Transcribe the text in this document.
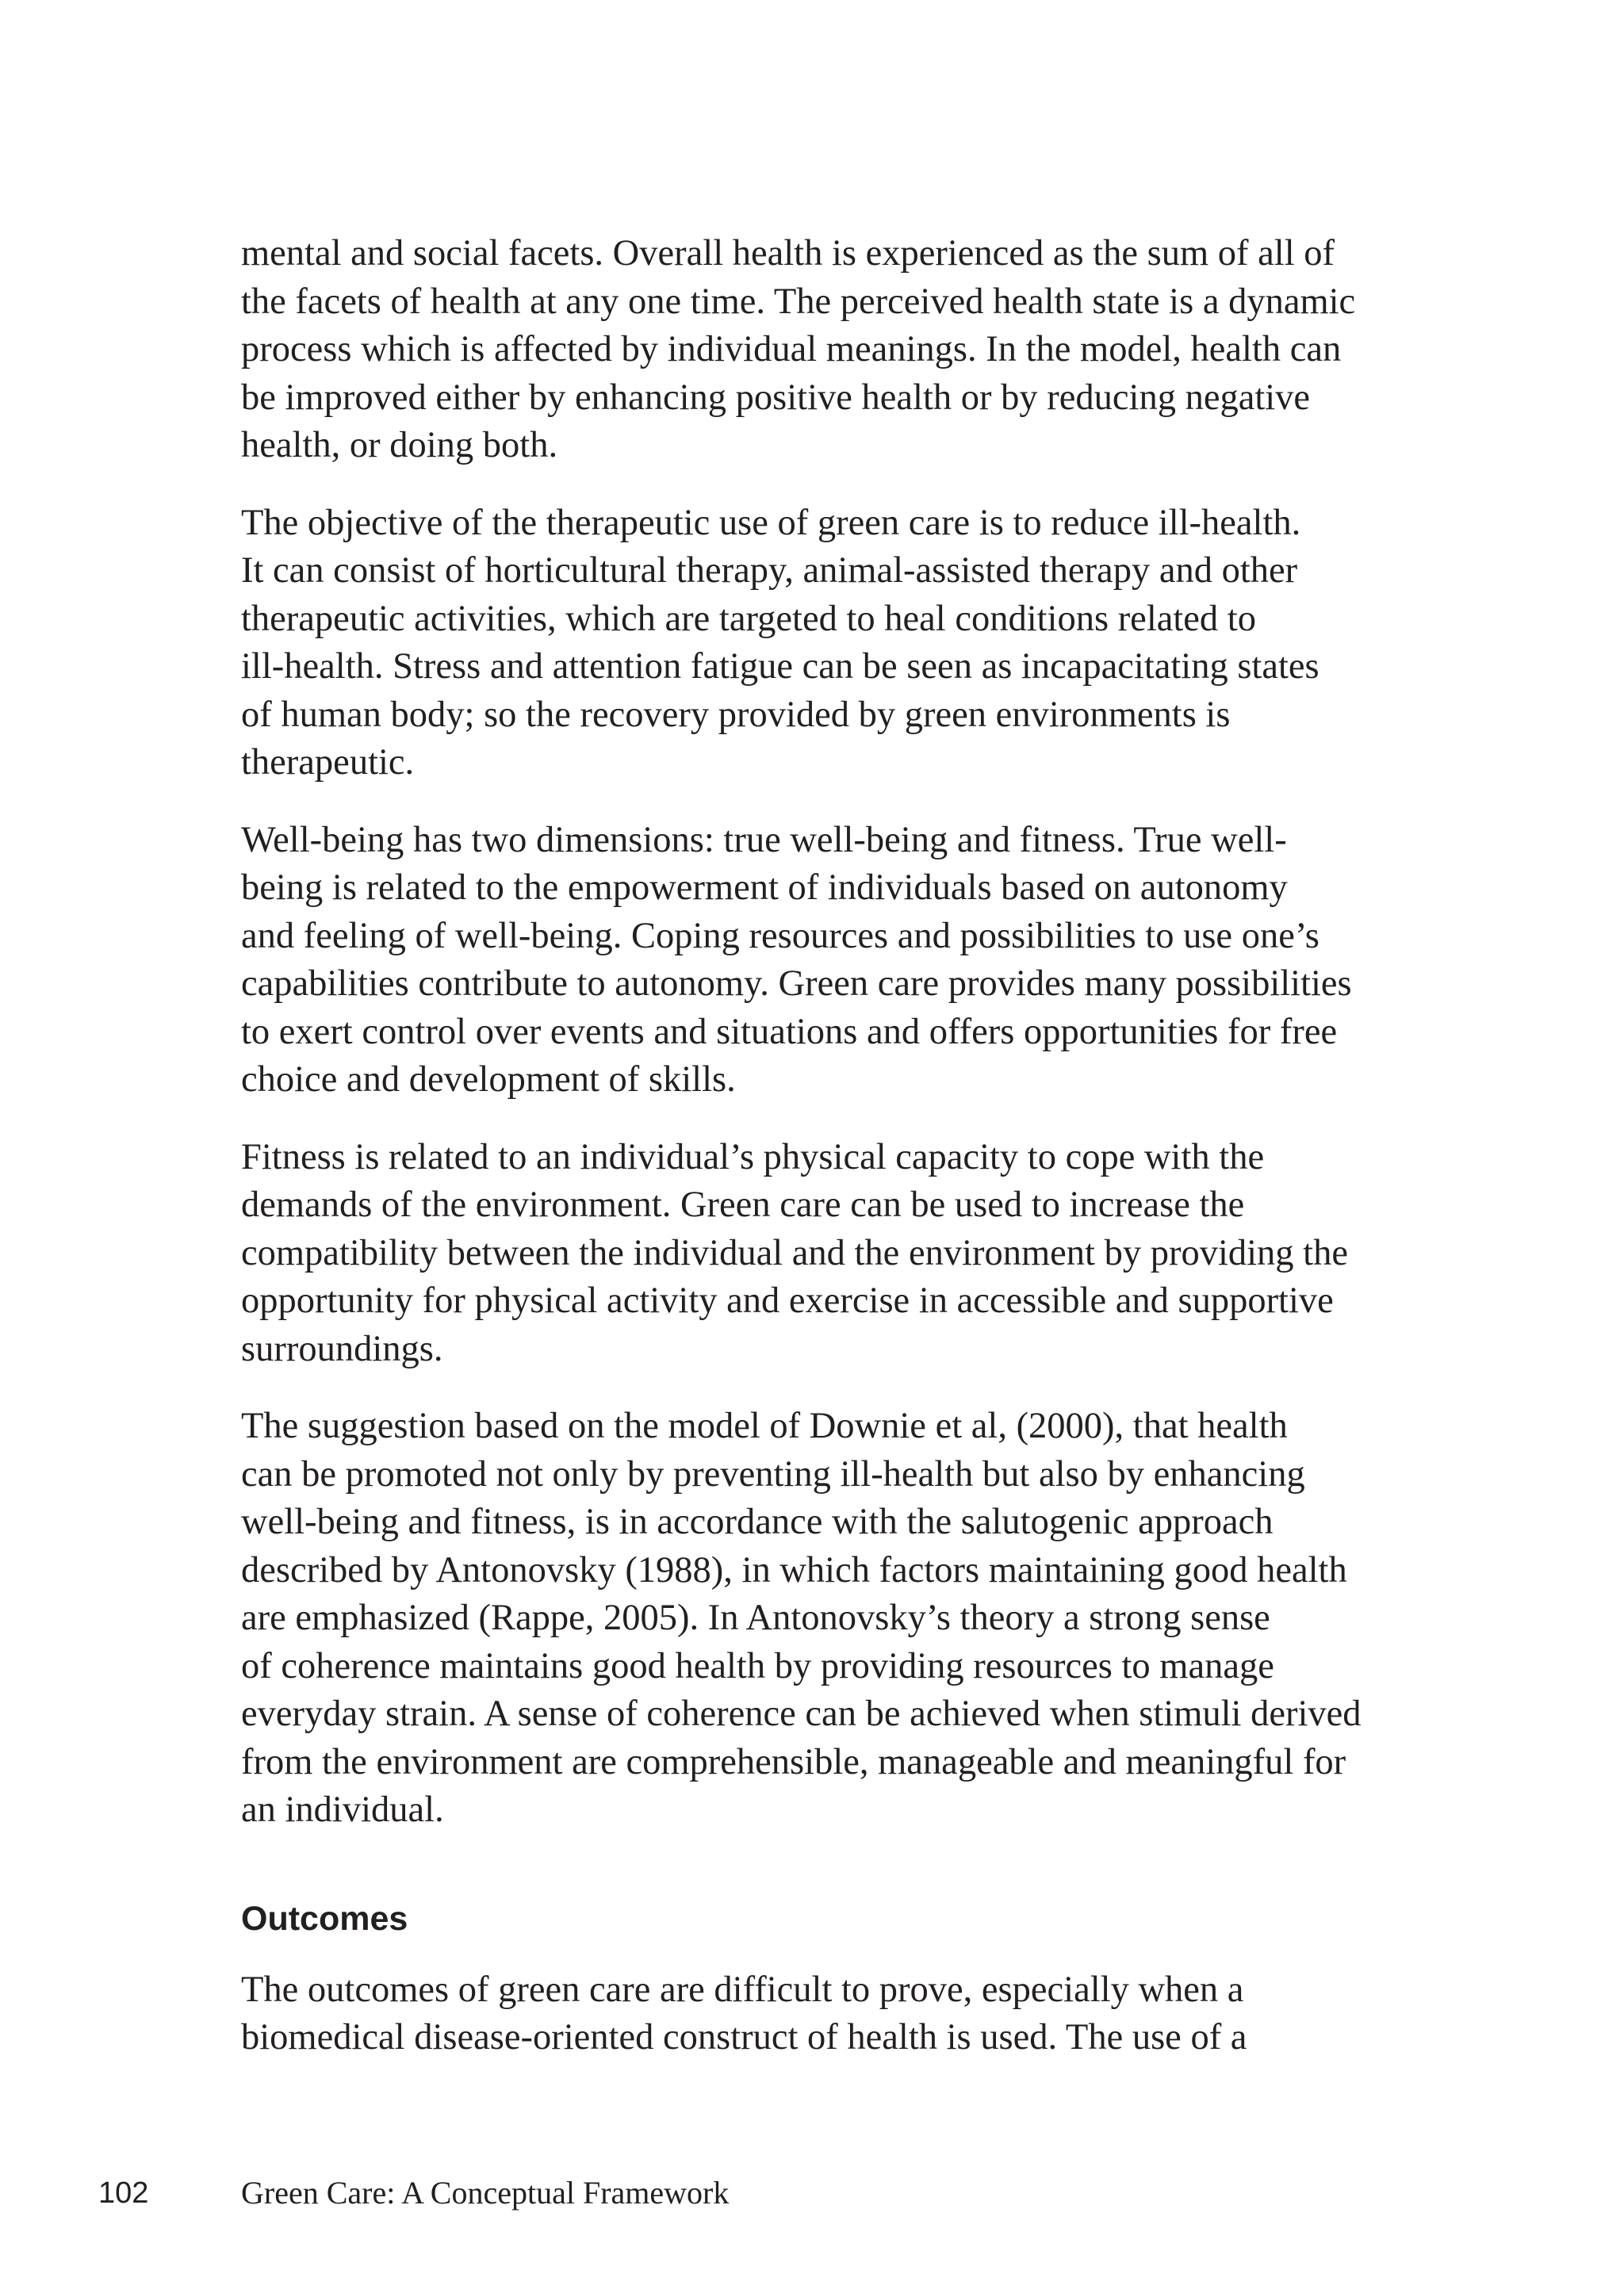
mental and social facets. Overall health is experienced as the sum of all of
the facets of health at any one time. The perceived health state is a dynamic
process which is affected by individual meanings. In the model, health can
be improved either by enhancing positive health or by reducing negative
health, or doing both.

The objective of the therapeutic use of green care is to reduce ill-health.
It can consist of horticultural therapy, animal-assisted therapy and other
therapeutic activities, which are targeted to heal conditions related to
ill-health. Stress and attention fatigue can be seen as incapacitating states
of human body; so the recovery provided by green environments is
therapeutic.

Well-being has two dimensions: true well-being and fitness. True well-
being is related to the empowerment of individuals based on autonomy
and feeling of well-being. Coping resources and possibilities to use one’s
capabilities contribute to autonomy. Green care provides many possibilities
to exert control over events and situations and offers opportunities for free
choice and development of skills.

Fitness is related to an individual’s physical capacity to cope with the
demands of the environment. Green care can be used to increase the
compatibility between the individual and the environment by providing the
opportunity for physical activity and exercise in accessible and supportive
surroundings.

The suggestion based on the model of Downie et al, (2000), that health
can be promoted not only by preventing ill-health but also by enhancing
well-being and fitness, is in accordance with the salutogenic approach
described by Antonovsky (1988), in which factors maintaining good health
are emphasized (Rappe, 2005). In Antonovsky’s theory a strong sense
of coherence maintains good health by providing resources to manage
everyday strain. A sense of coherence can be achieved when stimuli derived
from the environment are comprehensible, manageable and meaningful for
an individual.

Outcomes

The outcomes of green care are difficult to prove, especially when a
biomedical disease-oriented construct of health is used. The use of a

102	Green Care: A Conceptual Framework
